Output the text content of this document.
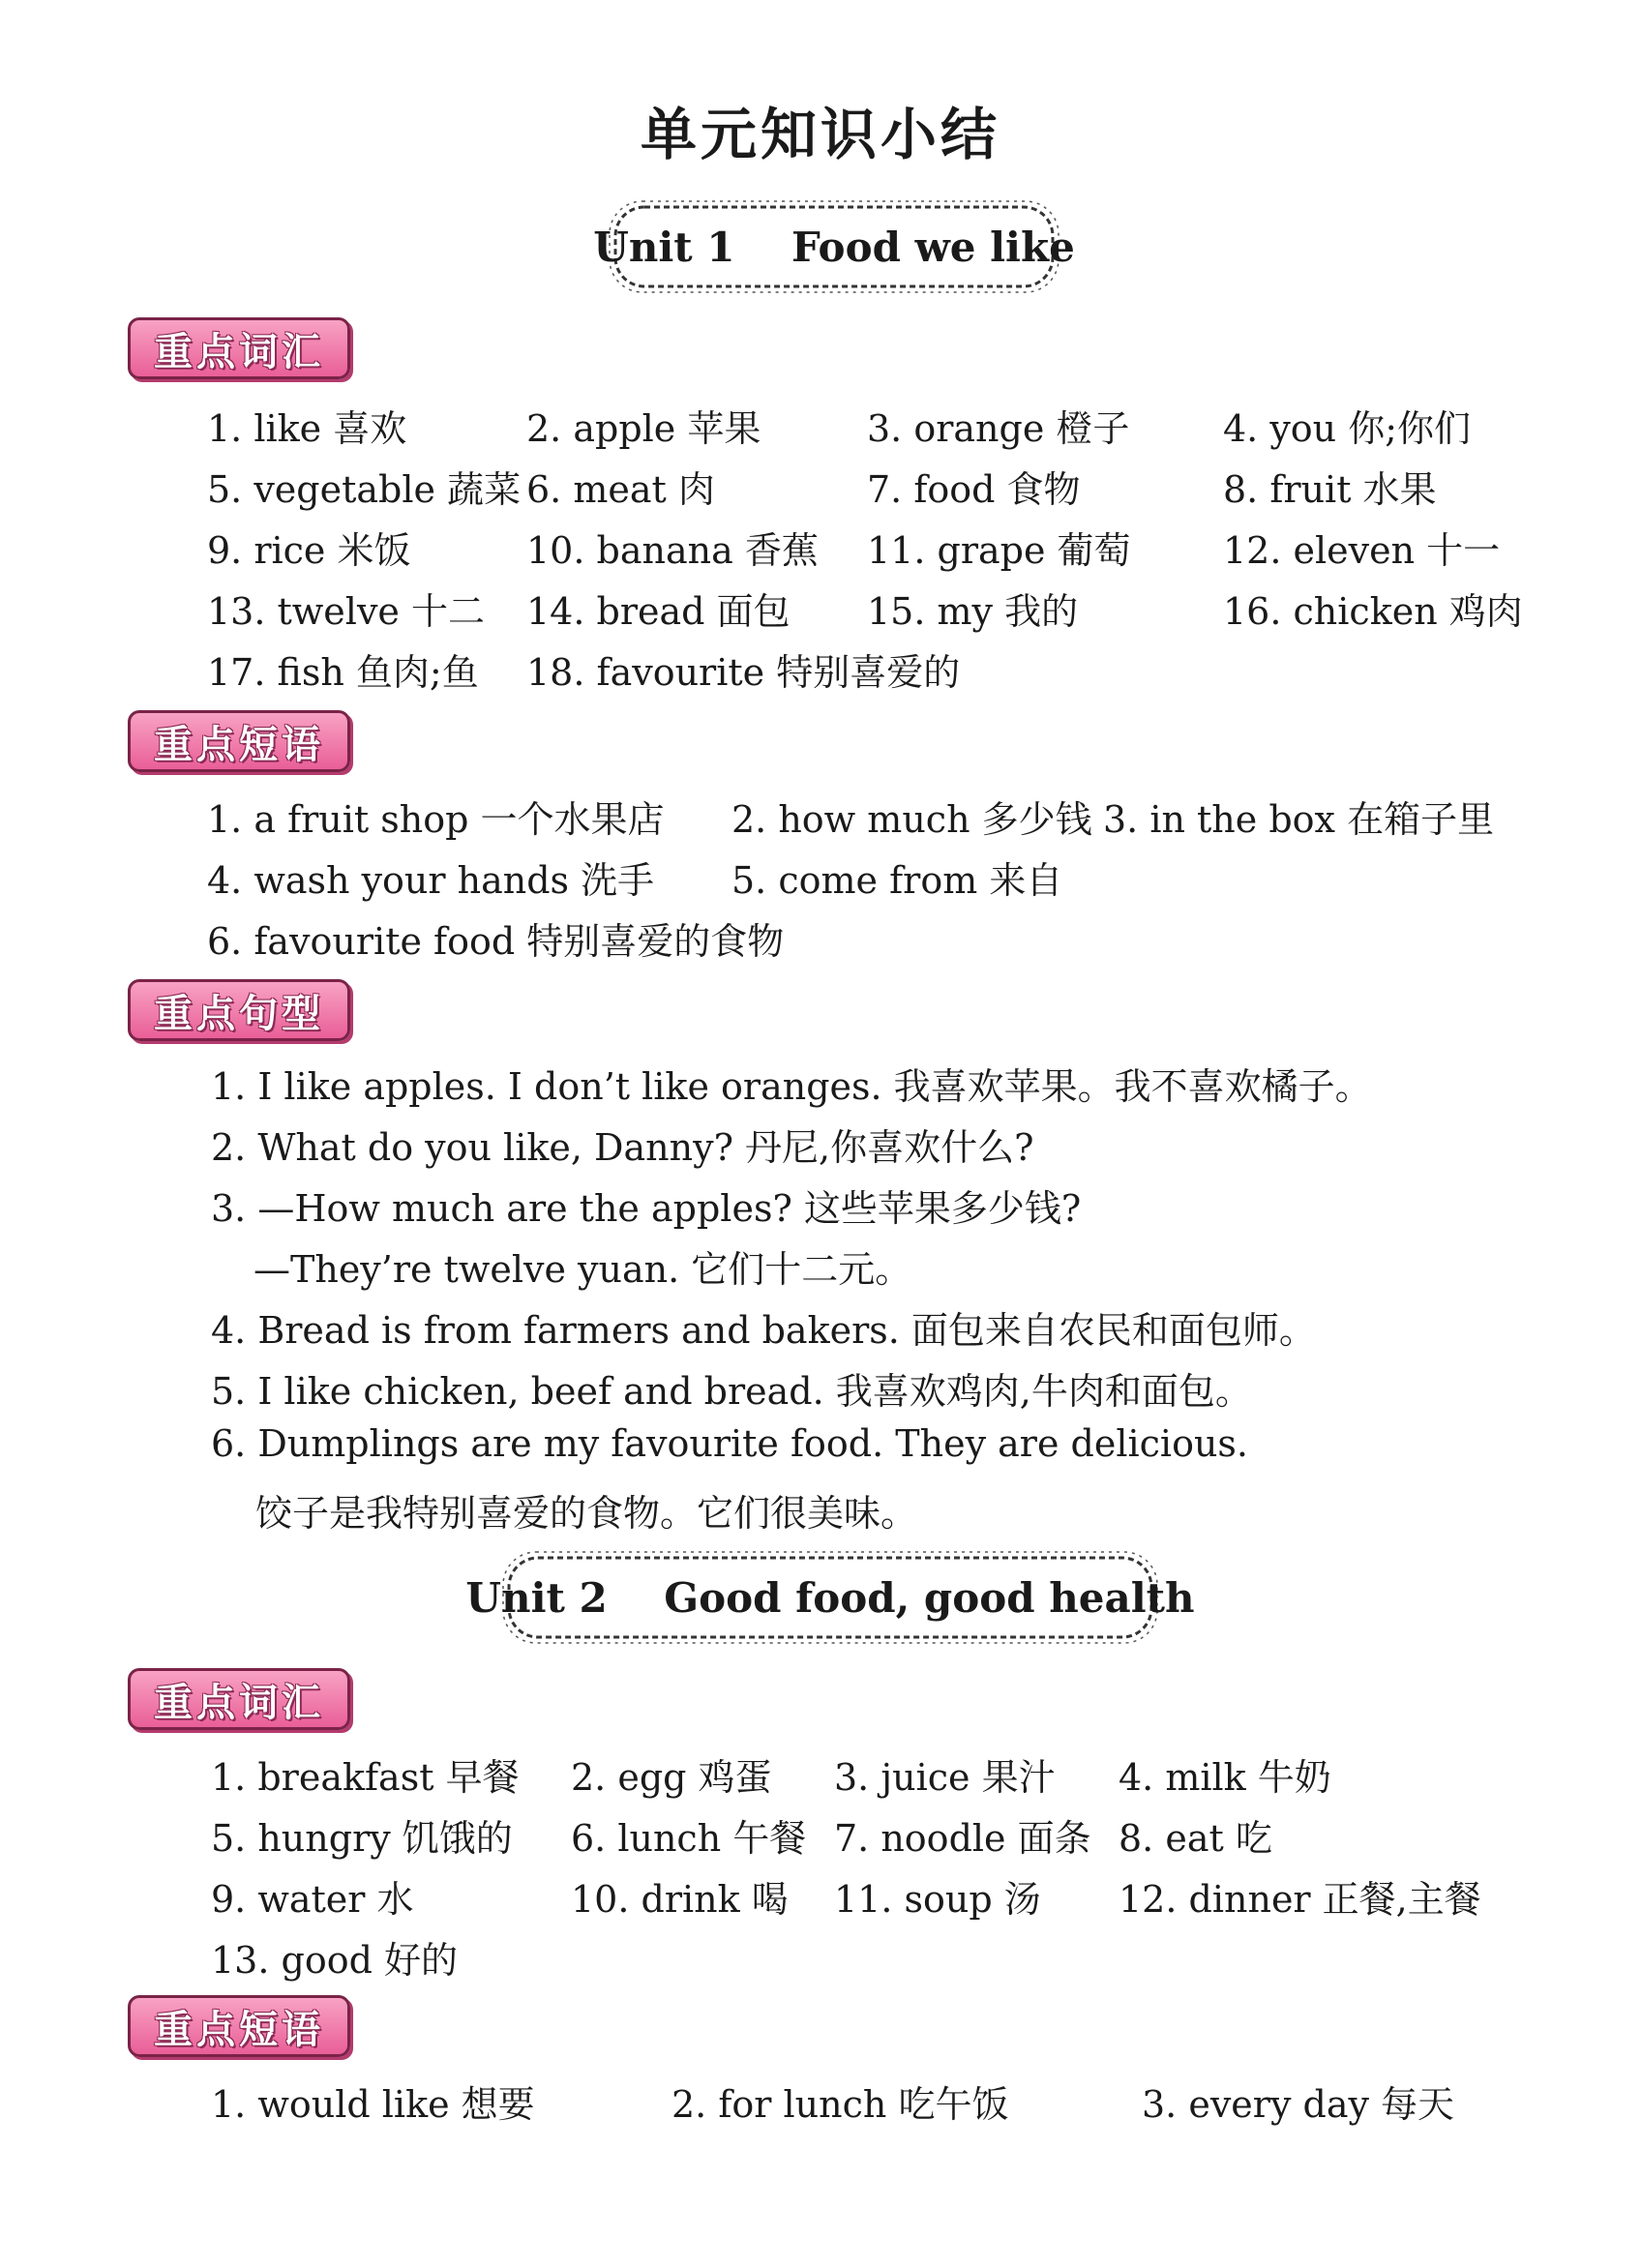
单元知识小结
Unit 1    Food we like
重点词汇
1. like 喜欢	2. apple 苹果	3. orange 橙子	4. you 你;你们
5. vegetable 蔬菜 6. meat 肉	7. food 食物	8. fruit 水果
9. rice 米饭	10. banana 香蕉 11. grape 葡萄	12. eleven 十一
13. twelve 十二 14. bread 面包 15. my 我的	16. chicken 鸡肉
17. fish 鱼肉;鱼 18. favourite 特别喜爱的
重点短语
1. a fruit shop 一个水果店 2. how much 多少钱 3. in the box 在箱子里
4. wash your hands 洗手 5. come from 来自
6. favourite food 特别喜爱的食物
重点句型
1. I like apples. I don’t like oranges. 我喜欢苹果。我不喜欢橘子。
2. What do you like, Danny? 丹尼,你喜欢什么?
3. —How much are the apples? 这些苹果多少钱?
—They’re twelve yuan. 它们十二元。
4. Bread is from farmers and bakers. 面包来自农民和面包师。
5. I like chicken, beef and bread. 我喜欢鸡肉,牛肉和面包。
6. Dumplings are my favourite food. They are delicious.
饺子是我特别喜爱的食物。它们很美味。
Unit 2    Good food, good health
重点词汇
1. breakfast 早餐 2. egg 鸡蛋 3. juice 果汁 4. milk 牛奶
5. hungry 饥饿的 6. lunch 午餐 7. noodle 面条 8. eat 吃
9. water 水	10. drink 喝 11. soup 汤 12. dinner 正餐,主餐
13. good 好的
重点短语
1. would like 想要	2. for lunch 吃午饭	3. every day 每天
